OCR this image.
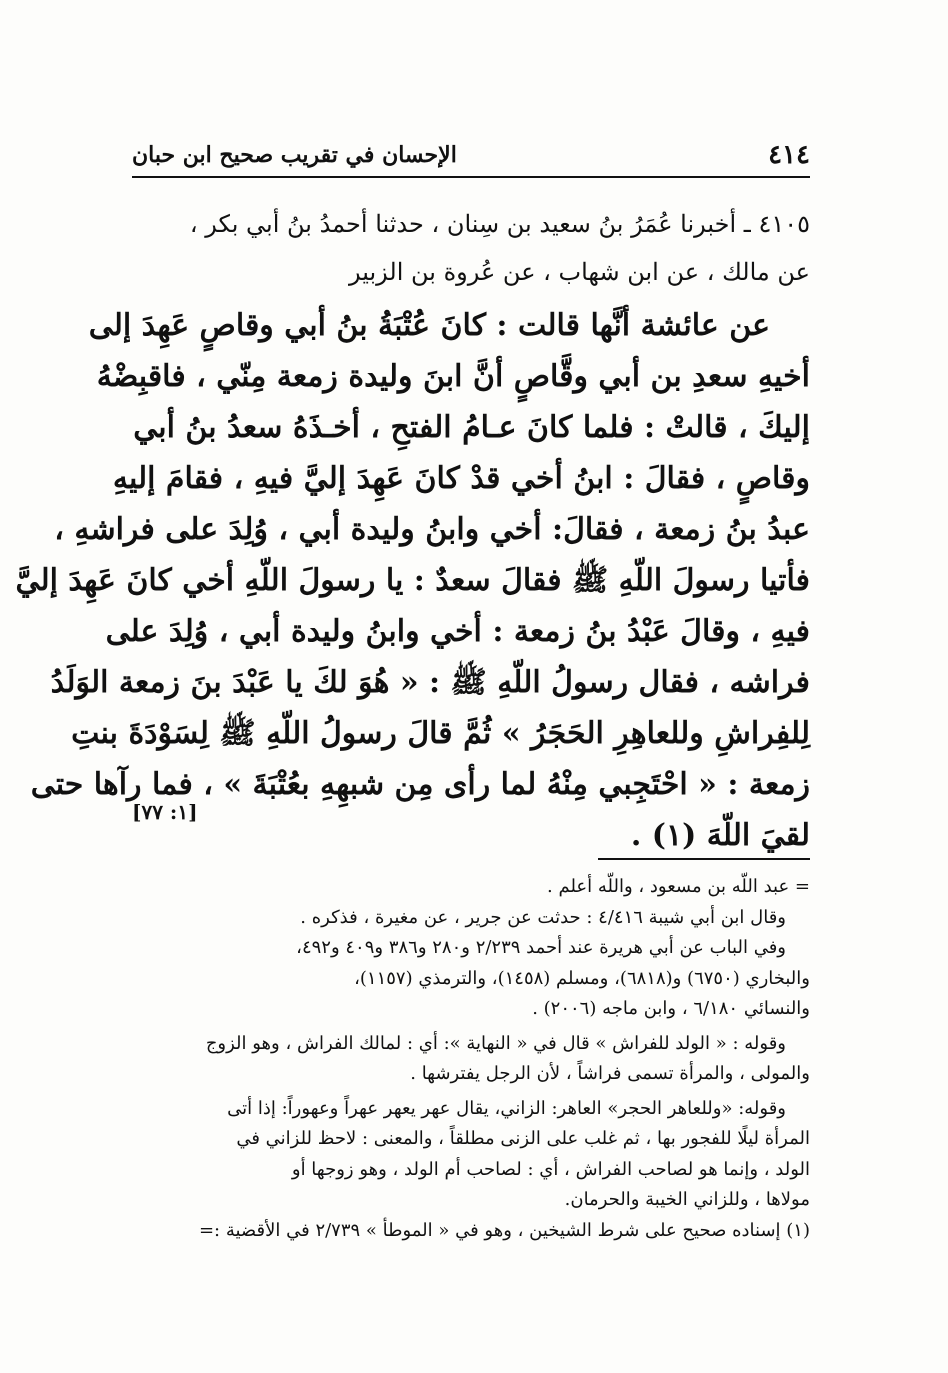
٤١٤
الإحسان في تقريب صحيح ابن حبان
٤١٠٥ ـ أخبرنا عُمَرُ بنُ سعيد بن سِنان ، حدثنا أحمدُ بنُ أبي بكر ،
عن مالك ، عن ابن شهاب ، عن عُروة بن الزبير
عن عائشة أنَّها قالت : كانَ عُتْبَةُ بنُ أبي وقاصٍ عَهِدَ إلى
أخيهِ سعدِ بن أبي وقَّاصٍ أنَّ ابنَ وليدة زمعة مِنّي ، فاقبِضْهُ
إليكَ ، قالتْ : فلما كانَ عـامُ الفتحِ ، أخـذَهُ سعدُ بنُ أبي
وقاصٍ ، فقالَ : ابنُ أخي قدْ كانَ عَهِدَ إليَّ فيهِ ، فقامَ إليهِ
عبدُ بنُ زمعة ، فقالَ: أخي وابنُ وليدة أبي ، وُلِدَ على فراشهِ ،
فأتيا رسولَ اللّهِ ﷺ فقالَ سعدٌ : يا رسولَ اللّهِ أخي كانَ عَهِدَ إليَّ
فيهِ ، وقالَ عَبْدُ بنُ زمعة : أخي وابنُ وليدة أبي ، وُلِدَ على
فراشه ، فقال رسولُ اللّهِ ﷺ : « هُوَ لكَ يا عَبْدَ بنَ زمعة الوَلَدُ
لِلفِراشِ وللعاهِرِ الحَجَرُ » ثُمَّ قالَ رسولُ اللّهِ ﷺ لِسَوْدَةَ بنتِ
زمعة : « احْتَجِبي مِنْهُ لما رأى مِن شبهِهِ بعُتْبَةَ » ، فما رآها حتى
لقيَ اللّهَ (١) .
[١: ٧٧]
= عبد اللّه بن مسعود ، واللّه أعلم .
وقال ابن أبي شيبة ٤/٤١٦ : حدثت عن جرير ، عن مغيرة ، فذكره .
وفي الباب عن أبي هريرة عند أحمد ٢/٢٣٩ و٢٨٠ و٣٨٦ و٤٠٩ و٤٩٢،
والبخاري (٦٧٥٠) و(٦٨١٨)، ومسلم (١٤٥٨)، والترمذي (١١٥٧)،
والنسائي ٦/١٨٠ ، وابن ماجه (٢٠٠٦) .
وقوله : « الولد للفراش » قال في « النهاية »: أي : لمالك الفراش ، وهو الزوج
والمولى ، والمرأة تسمى فراشاً ، لأن الرجل يفترشها .
وقوله: «وللعاهر الحجر» العاهر: الزاني، يقال عهر يعهر عهراً وعهوراً: إذا أتى
المرأة ليلًا للفجور بها ، ثم غلب على الزنى مطلقاً ، والمعنى : لاحظ للزاني في
الولد ، وإنما هو لصاحب الفراش ، أي : لصاحب أم الولد ، وهو زوجها أو
مولاها ، وللزاني الخيبة والحرمان.
(١) إسناده صحيح على شرط الشيخين ، وهو في « الموطأ » ٢/٧٣٩ في الأقضية :=
